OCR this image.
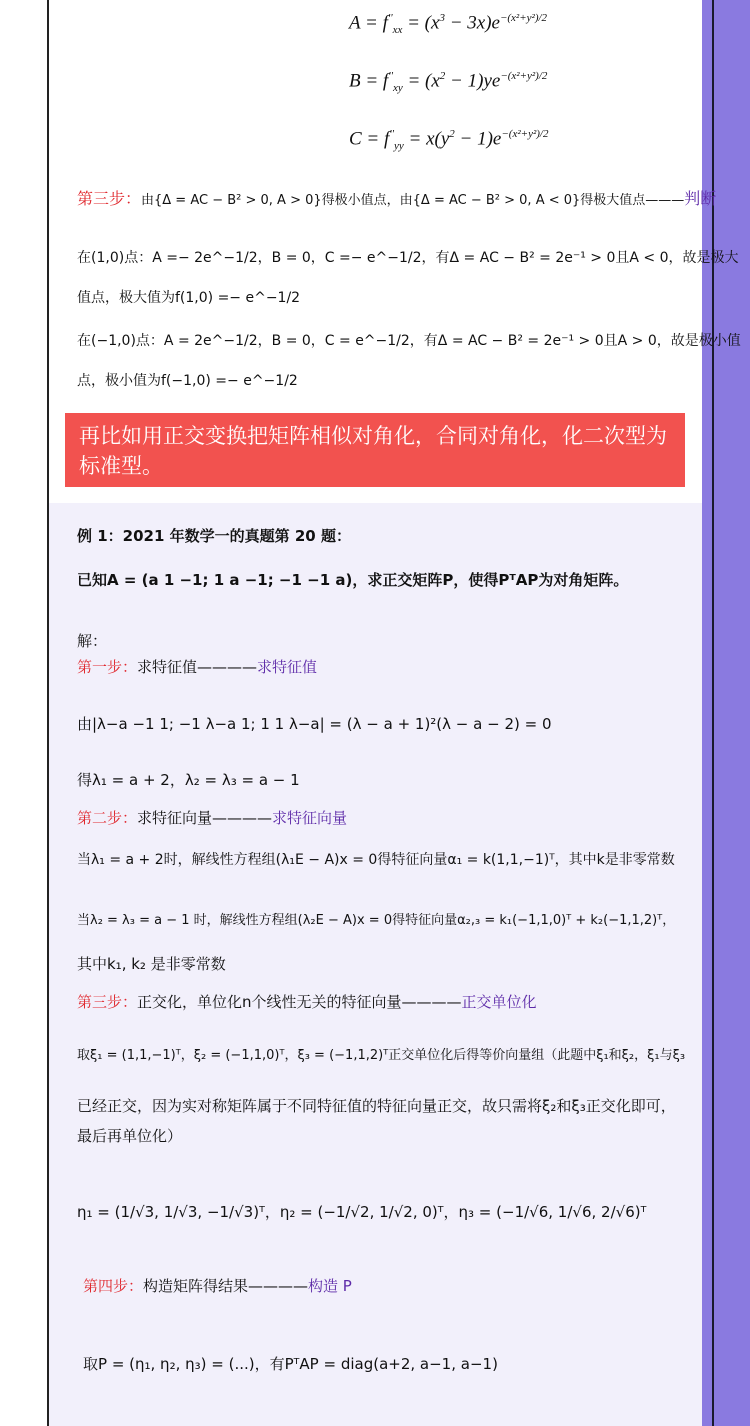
$A = f''_{xx} = (x^3 - 3x)e^{-(x^2+y^2)/2}$
$B = f''_{xy} = (x^2 - 1)ye^{-(x^2+y^2)/2}$
$C = f''_{yy} = x(y^2 - 1)e^{-(x^2+y^2)/2}$
第三步：由{Δ = AC − B² > 0, A > 0}得极小值点，由{Δ = AC − B² > 0, A < 0}得极大值点———判断
在(1,0)点：A =− 2e^−1/2，B = 0，C =− e^−1/2，有Δ = AC − B² = 2e⁻¹ > 0且A < 0，故是极大
值点，极大值为f(1,0) =− e^−1/2
在(−1,0)点：A = 2e^−1/2，B = 0，C = e^−1/2，有Δ = AC − B² = 2e⁻¹ > 0且A > 0，故是极小值
点，极小值为f(−1,0) =− e^−1/2
再比如用正交变换把矩阵相似对角化，合同对角化，化二次型为标准型。
例 1：2021 年数学一的真题第 20 题：
已知A = (a 1 −1; 1 a −1; −1 −1 a)，求正交矩阵P，使得PᵀAP为对角矩阵。
解：
第一步：求特征值————求特征值
由|λ−a −1 1; −1 λ−a 1; 1 1 λ−a| = (λ − a + 1)²(λ − a − 2) = 0
得λ₁ = a + 2，λ₂ = λ₃ = a − 1
第二步：求特征向量————求特征向量
当λ₁ = a + 2时，解线性方程组(λ₁E − A)x = 0得特征向量α₁ = k(1,1,−1)ᵀ，其中k是非零常数
当λ₂ = λ₃ = a − 1 时，解线性方程组(λ₂E − A)x = 0得特征向量α₂,₃ = k₁(−1,1,0)ᵀ + k₂(−1,1,2)ᵀ，
其中k₁, k₂ 是非零常数
第三步：正交化，单位化n个线性无关的特征向量————正交单位化
取ξ₁ = (1,1,−1)ᵀ，ξ₂ = (−1,1,0)ᵀ，ξ₃ = (−1,1,2)ᵀ正交单位化后得等价向量组（此题中ξ₁和ξ₂，ξ₁与ξ₃
已经正交，因为实对称矩阵属于不同特征值的特征向量正交，故只需将ξ₂和ξ₃正交化即可，
最后再单位化）
η₁ = (1/√3, 1/√3, −1/√3)ᵀ，η₂ = (−1/√2, 1/√2, 0)ᵀ，η₃ = (−1/√6, 1/√6, 2/√6)ᵀ
第四步：构造矩阵得结果————构造 P
取P = (η₁, η₂, η₃) = (...)，有PᵀAP = diag(a+2, a−1, a−1)
